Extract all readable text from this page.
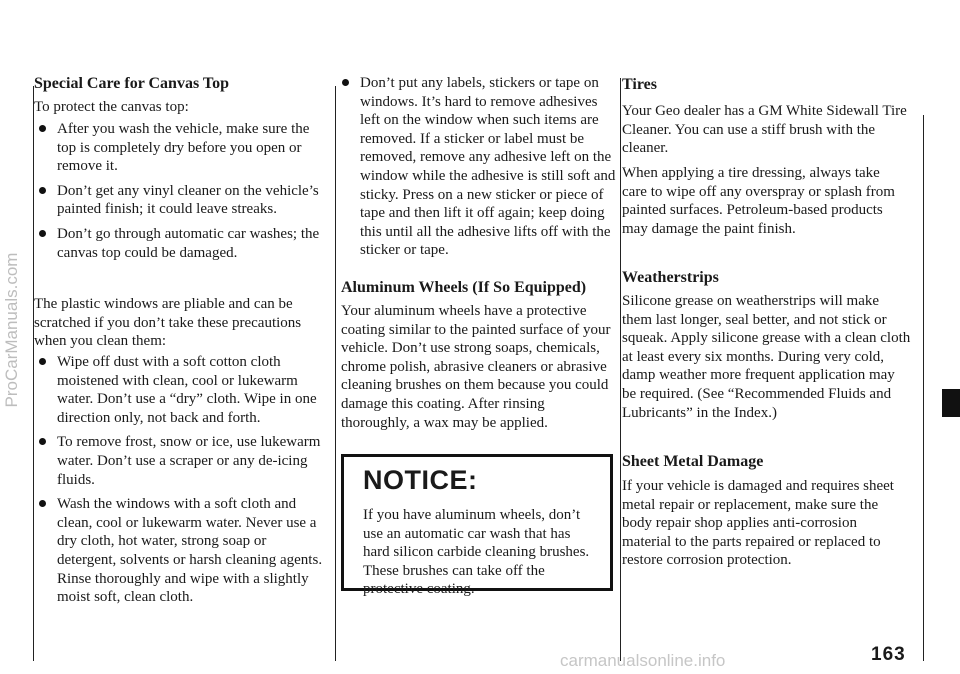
Special Care for Canvas Top

To protect the canvas top:

After you wash the vehicle, make sure the top is completely dry before you open or remove it.
Don’t get any vinyl cleaner on the vehicle’s painted finish; it could leave streaks.
Don’t go through automatic car washes; the canvas top could be damaged.

The plastic windows are pliable and can be scratched if you don’t take these precautions when you clean them:

Wipe off dust with a soft cotton cloth moistened with clean, cool or lukewarm water. Don’t use a “dry” cloth. Wipe in one direction only, not back and forth.
To remove frost, snow or ice, use lukewarm water. Don’t use a scraper or any de-icing fluids.
Wash the windows with a soft cloth and clean, cool or lukewarm water. Never use a dry cloth, hot water, strong soap or detergent, solvents or harsh cleaning agents. Rinse thoroughly and wipe with a slightly moist soft, clean cloth.
Don’t put any labels, stickers or tape on windows. It’s hard to remove adhesives left on the window when such items are removed. If a sticker or label must be removed, remove any adhesive left on the window while the adhesive is still soft and sticky. Press on a new sticker or piece of tape and then lift it off again; keep doing this until all the adhesive lifts off with the sticker or tape.

Aluminum Wheels (If So Equipped)

Your aluminum wheels have a protective coating similar to the painted surface of your vehicle. Don’t use strong soaps, chemicals, chrome polish, abrasive cleaners or abrasive cleaning brushes on them because you could damage this coating. After rinsing thoroughly, a wax may be applied.

NOTICE:

If you have aluminum wheels, don’t use an automatic car wash that has hard silicon carbide cleaning brushes. These brushes can take off the protective coating.

Tires

Your Geo dealer has a GM White Sidewall Tire Cleaner. You can use a stiff brush with the cleaner.

When applying a tire dressing, always take care to wipe off any overspray or splash from painted surfaces. Petroleum-based products may damage the paint finish.

Weatherstrips

Silicone grease on weatherstrips will make them last longer, seal better, and not stick or squeak. Apply silicone grease with a clean cloth at least every six months. During very cold, damp weather more frequent application may be required. (See “Recommended Fluids and Lubricants” in the Index.)

Sheet Metal Damage

If your vehicle is damaged and requires sheet metal repair or replacement, make sure the body repair shop applies anti-corrosion material to the parts repaired or replaced to restore corrosion protection.

163
ProCarManuals.com
carmanualsonline.info
